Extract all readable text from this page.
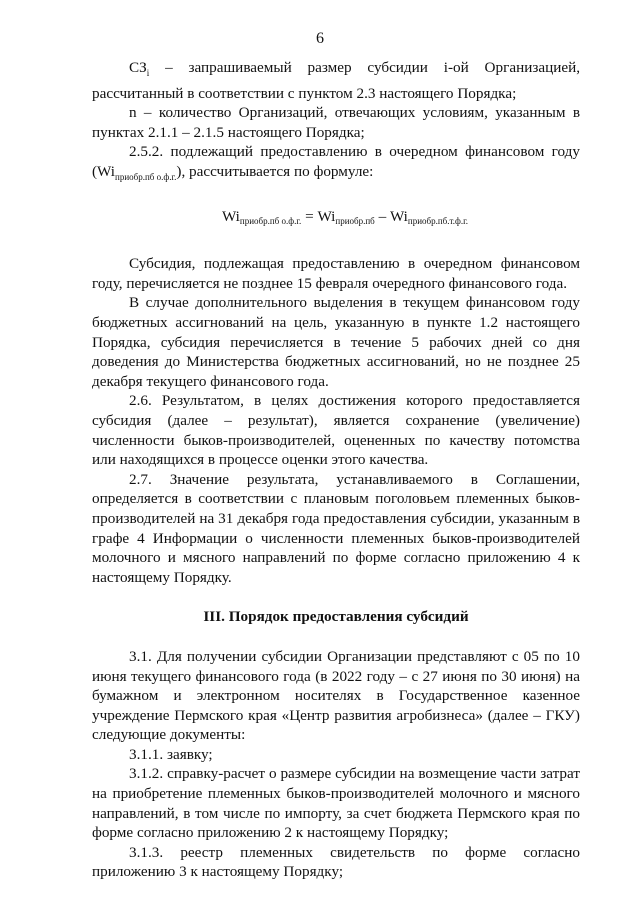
6

$СЗ_i$ – запрашиваемый размер субсидии i-ой Организацией, рассчитанный в соответствии с пунктом 2.3 настоящего Порядка;

n – количество Организаций, отвечающих условиям, указанным в пунктах 2.1.1 – 2.1.5 настоящего Порядка;

2.5.2. подлежащий предоставлению в очередном финансовом году $(Wi_{приобр.пб о.ф.г.})$, рассчитывается по формуле:

$Wi_{приобр.пб о.ф.г.} = Wi_{приобр.пб} - Wi_{приобр.пб.т.ф.г.}$

Субсидия, подлежащая предоставлению в очередном финансовом году, перечисляется не позднее 15 февраля очередного финансового года.

В случае дополнительного выделения в текущем финансовом году бюджетных ассигнований на цель, указанную в пункте 1.2 настоящего Порядка, субсидия перечисляется в течение 5 рабочих дней со дня доведения до Министерства бюджетных ассигнований, но не позднее 25 декабря текущего финансового года.

2.6. Результатом, в целях достижения которого предоставляется субсидия (далее – результат), является сохранение (увеличение) численности быков-производителей, оцененных по качеству потомства или находящихся в процессе оценки этого качества.

2.7. Значение результата, устанавливаемого в Соглашении, определяется в соответствии с плановым поголовьем племенных быков-производителей на 31 декабря года предоставления субсидии, указанным в графе 4 Информации о численности племенных быков-производителей молочного и мясного направлений по форме согласно приложению 4 к настоящему Порядку.

III. Порядок предоставления субсидий

3.1. Для получении субсидии Организации представляют с 05 по 10 июня текущего финансового года (в 2022 году – с 27 июня по 30 июня) на бумажном и электронном носителях в Государственное казенное учреждение Пермского края «Центр развития агробизнеса» (далее – ГКУ) следующие документы:

3.1.1. заявку;

3.1.2. справку-расчет о размере субсидии на возмещение части затрат на приобретение племенных быков-производителей молочного и мясного направлений, в том числе по импорту, за счет бюджета Пермского края по форме согласно приложению 2 к настоящему Порядку;

3.1.3. реестр племенных свидетельств по форме согласно приложению 3 к настоящему Порядку;
